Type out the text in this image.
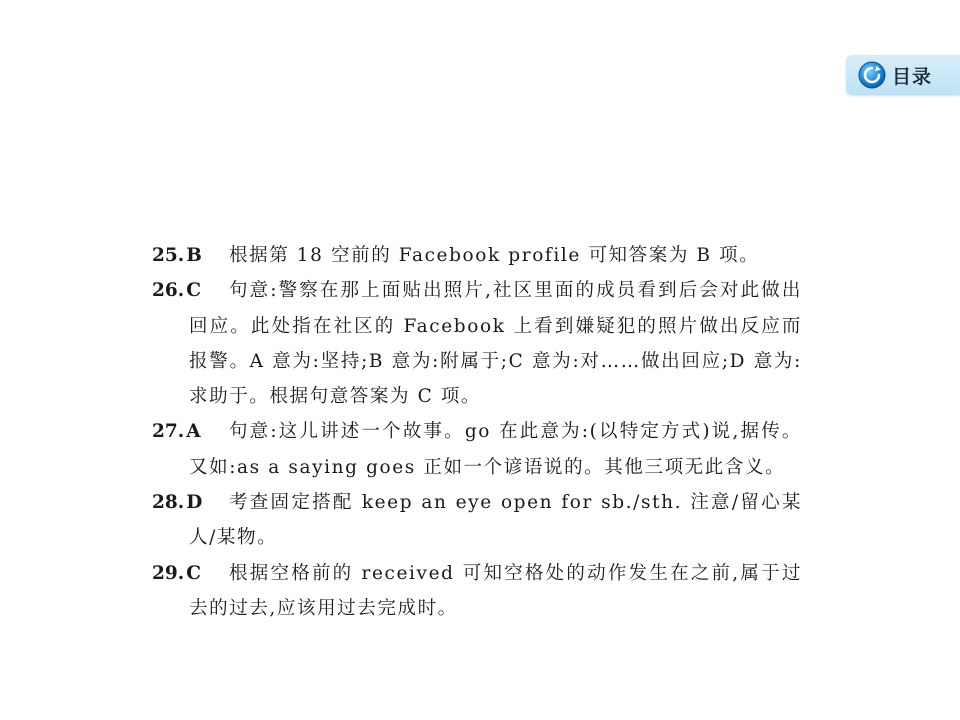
目录
25. B	根据第 18 空前的 Facebook profile 可知答案为 B 项。
26. C	句意:警察在那上面贴出照片,社区里面的成员看到后会对此做出回应。此处指在社区的 Facebook 上看到嫌疑犯的照片做出反应而报警。A 意为:坚持;B 意为:附属于;C 意为:对……做出回应;D 意为:求助于。根据句意答案为 C 项。
27. A	句意:这儿讲述一个故事。go 在此意为:(以特定方式)说,据传。又如:as a saying goes 正如一个谚语说的。其他三项无此含义。
28. D	考查固定搭配 keep an eye open for sb./sth. 注意/留心某人/某物。
29. C	根据空格前的 received 可知空格处的动作发生在之前,属于过去的过去,应该用过去完成时。
